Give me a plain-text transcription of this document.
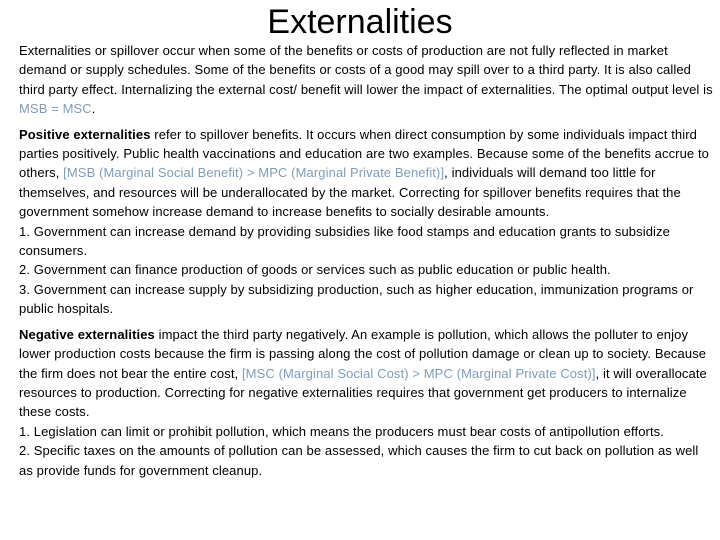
Externalities

Externalities or spillover occur when some of the benefits or costs of production are not fully reflected in market demand or supply schedules. Some of the benefits or costs of a good may spill over to a third party. It is also called third party effect. Internalizing the external cost/ benefit will lower the impact of externalities. The optimal output level is MSB = MSC.

Positive externalities refer to spillover benefits. It occurs when direct consumption by some individuals impact third parties positively. Public health vaccinations and education are two examples. Because some of the benefits accrue to others, [MSB (Marginal Social Benefit) > MPC (Marginal Private Benefit)], individuals will demand too little for themselves, and resources will be underallocated by the market. Correcting for spillover benefits requires that the government somehow increase demand to increase benefits to socially desirable amounts.
1. Government can increase demand by providing subsidies like food stamps and education grants to subsidize consumers.
2. Government can finance production of goods or services such as public education or public health.
3. Government can increase supply by subsidizing production, such as higher education, immunization programs or public hospitals.

Negative externalities impact the third party negatively. An example is pollution, which allows the polluter to enjoy lower production costs because the firm is passing along the cost of pollution damage or clean up to society. Because the firm does not bear the entire cost, [MSC (Marginal Social Cost) > MPC (Marginal Private Cost)], it will overallocate resources to production. Correcting for negative externalities requires that government get producers to internalize these costs.
1. Legislation can limit or prohibit pollution, which means the producers must bear costs of antipollution efforts.
2. Specific taxes on the amounts of pollution can be assessed, which causes the firm to cut back on pollution as well as provide funds for government cleanup.
